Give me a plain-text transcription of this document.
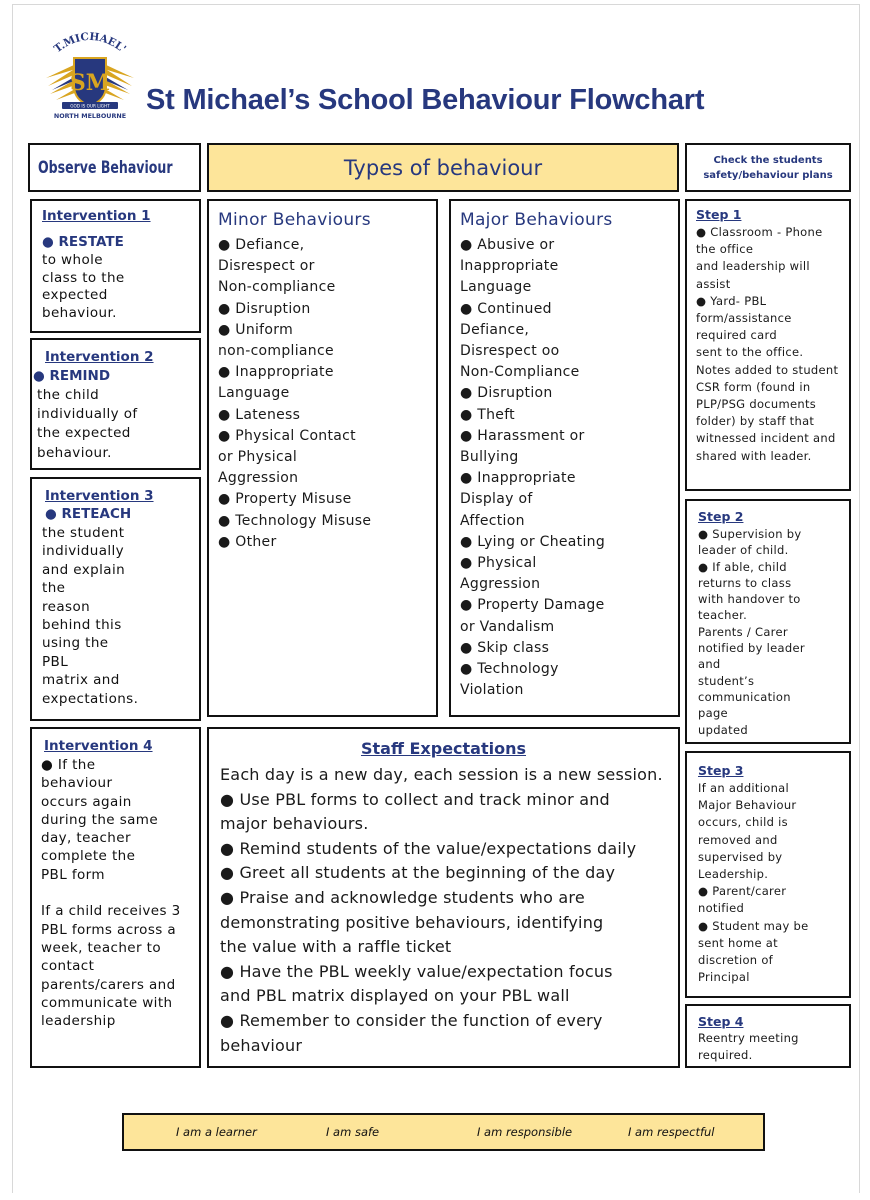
T.MICHAEL'
SM
GOD IS OUR LIGHT
NORTH MELBOURNE St Michael’s School Behaviour Flowchart
Observe Behaviour	Types of behaviour	Check the students safety/behaviour plans
Intervention 1
● RESTATE
to whole
class to the
expected
behaviour.
Intervention 2
● REMIND
the child
individually of
the expected
behaviour.
Intervention 3
● RETEACH
the student
individually
and explain
the
reason
behind this
using the
PBL
matrix and
expectations.
Intervention 4
● If the
behaviour
occurs again
during the same
day, teacher
complete the
PBL form

If a child receives 3
PBL forms across a
week, teacher to
contact
parents/carers and
communicate with
leadership
Minor Behaviours
● Defiance,
Disrespect or
Non-compliance
● Disruption
● Uniform
non-compliance
● Inappropriate
Language
● Lateness
● Physical Contact
or Physical
Aggression
● Property Misuse
● Technology Misuse
● Other
Major Behaviours
● Abusive or
Inappropriate
Language
● Continued
Defiance,
Disrespect oo
Non-Compliance
● Disruption
● Theft
● Harassment or
Bullying
● Inappropriate
Display of
Affection
● Lying or Cheating
● Physical
Aggression
● Property Damage
or Vandalism
● Skip class
● Technology
Violation
Staff Expectations
Each day is a new day, each session is a new session.
● Use PBL forms to collect and track minor and
major behaviours.
● Remind students of the value/expectations daily
● Greet all students at the beginning of the day
● Praise and acknowledge students who are
demonstrating positive behaviours, identifying
the value with a raffle ticket
● Have the PBL weekly value/expectation focus
and PBL matrix displayed on your PBL wall
● Remember to consider the function of every
behaviour
Step 1
● Classroom - Phone
the office
and leadership will
assist
● Yard- PBL
form/assistance
required card
sent to the office.
Notes added to student
CSR form (found in
PLP/PSG documents
folder) by staff that
witnessed incident and
shared with leader.
Step 2
● Supervision by
leader of child.
● If able, child
returns to class
with handover to
teacher.
Parents / Carer
notified by leader
and
student’s
communication
page
updated
Step 3
If an additional
Major Behaviour
occurs, child is
removed and
supervised by
Leadership.
● Parent/carer
notified
● Student may be
sent home at
discretion of
Principal
Step 4
Reentry meeting
required.
I am a learner	I am safe	I am responsible	I am respectful
